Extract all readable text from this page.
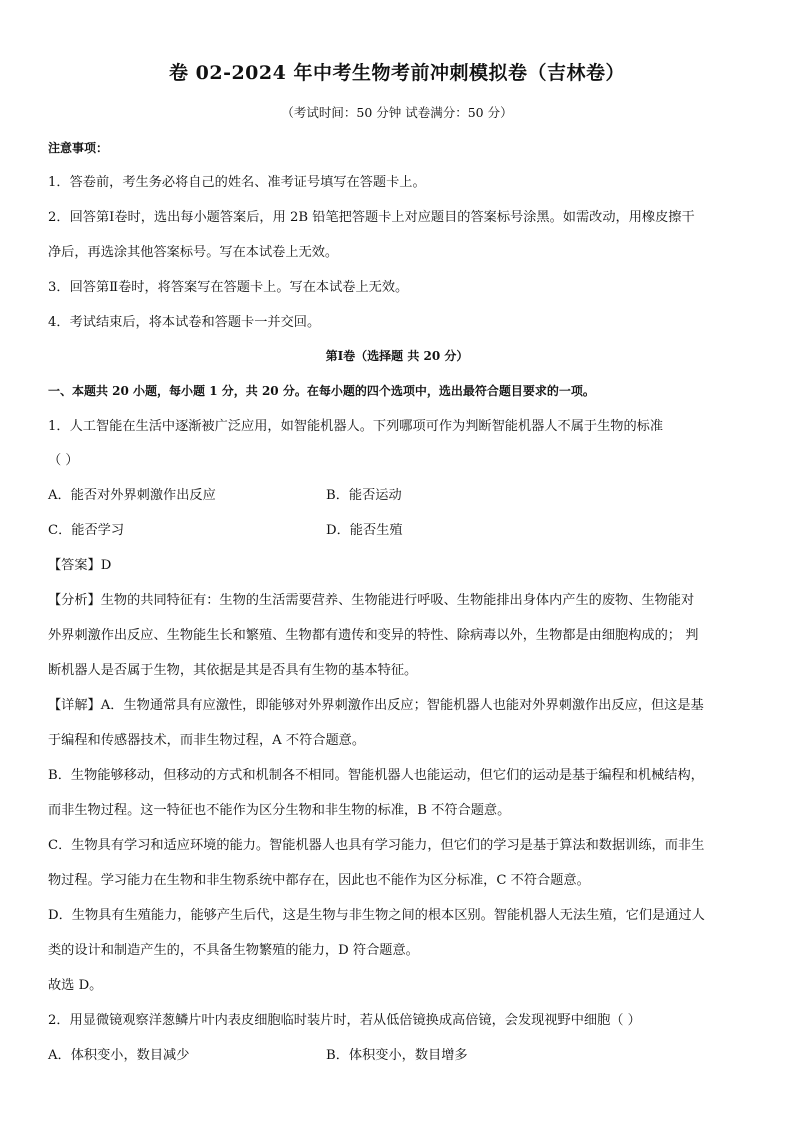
卷 02-2024 年中考生物考前冲刺模拟卷（吉林卷）
（考试时间：50 分钟 试卷满分：50 分）
注意事项：
1．答卷前，考生务必将自己的姓名、准考证号填写在答题卡上。
2．回答第Ⅰ卷时，选出每小题答案后，用 2B 铅笔把答题卡上对应题目的答案标号涂黑。如需改动，用橡皮擦干
净后，再选涂其他答案标号。写在本试卷上无效。
3．回答第Ⅱ卷时，将答案写在答题卡上。写在本试卷上无效。
4．考试结束后，将本试卷和答题卡一并交回。
第Ⅰ卷（选择题 共 20 分）
一、本题共 20 小题，每小题 1 分，共 20 分。在每小题的四个选项中，选出最符合题目要求的一项。
1．人工智能在生活中逐渐被广泛应用，如智能机器人。下列哪项可作为判断智能机器人不属于生物的标准
（ ）
A．能否对外界刺激作出反应	B．能否运动
C．能否学习	D．能否生殖
【答案】D
【分析】生物的共同特征有：生物的生活需要营养、生物能进行呼吸、生物能排出身体内产生的废物、生物能对
外界刺激作出反应、生物能生长和繁殖、生物都有遗传和变异的特性、除病毒以外，生物都是由细胞构成的； 判
断机器人是否属于生物，其依据是其是否具有生物的基本特征。
【详解】A．生物通常具有应激性，即能够对外界刺激作出反应；智能机器人也能对外界刺激作出反应，但这是基
于编程和传感器技术，而非生物过程，A 不符合题意。
B．生物能够移动，但移动的方式和机制各不相同。智能机器人也能运动，但它们的运动是基于编程和机械结构，
而非生物过程。这一特征也不能作为区分生物和非生物的标准，B 不符合题意。
C．生物具有学习和适应环境的能力。智能机器人也具有学习能力，但它们的学习是基于算法和数据训练，而非生
物过程。学习能力在生物和非生物系统中都存在，因此也不能作为区分标准，C 不符合题意。
D．生物具有生殖能力，能够产生后代，这是生物与非生物之间的根本区别。智能机器人无法生殖，它们是通过人
类的设计和制造产生的，不具备生物繁殖的能力，D 符合题意。
故选 D。
2．用显微镜观察洋葱鳞片叶内表皮细胞临时装片时，若从低倍镜换成高倍镜，会发现视野中细胞（ ）
A．体积变小，数目减少	B．体积变小，数目增多
